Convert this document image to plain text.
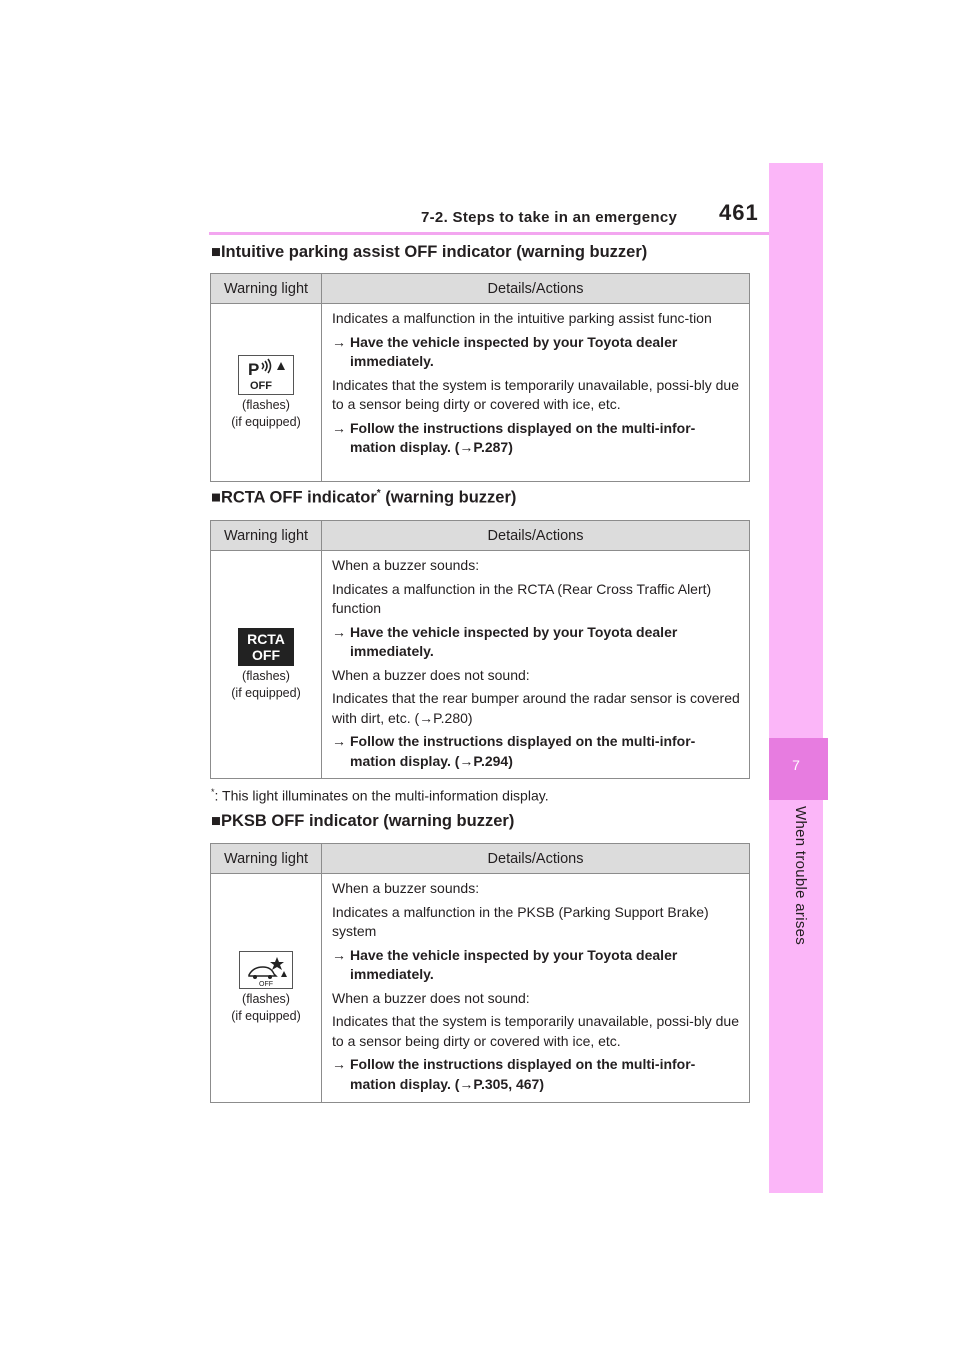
7-2. Steps to take in an emergency 461
7
When trouble arises
■Intuitive parking assist OFF indicator (warning buzzer)
Warning light	Details/Actions
P
OFF
(flashes)
(if equipped)

Indicates a malfunction in the intuitive parking assist func-tion

→ Have the vehicle inspected by your Toyota dealer immediately.

Indicates that the system is temporarily unavailable, possi-bly due to a sensor being dirty or covered with ice, etc.

→ Follow the instructions displayed on the multi-infor-mation display. (→P.287)
■RCTA OFF indicator* (warning buzzer)
Warning light	Details/Actions
RCTA
OFF
(flashes)
(if equipped)

When a buzzer sounds:

Indicates a malfunction in the RCTA (Rear Cross Traffic Alert) function

→ Have the vehicle inspected by your Toyota dealer immediately.

When a buzzer does not sound:

Indicates that the rear bumper around the radar sensor is covered with dirt, etc. (→P.280)

→ Follow the instructions displayed on the multi-infor-mation display. (→P.294)
*: This light illuminates on the multi-information display.
■PKSB OFF indicator (warning buzzer)
Warning light	Details/Actions
OFF
(flashes)
(if equipped)

When a buzzer sounds:

Indicates a malfunction in the PKSB (Parking Support Brake) system

→ Have the vehicle inspected by your Toyota dealer immediately.

When a buzzer does not sound:

Indicates that the system is temporarily unavailable, possi-bly due to a sensor being dirty or covered with ice, etc.

→ Follow the instructions displayed on the multi-infor-mation display. (→P.305, 467)
